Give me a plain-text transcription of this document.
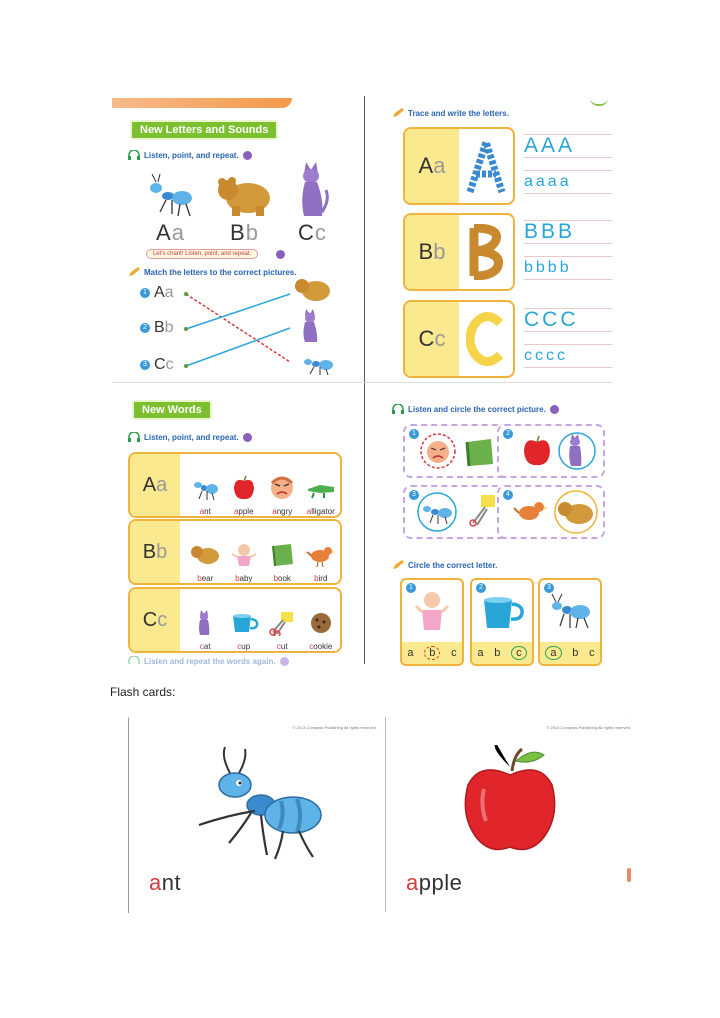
New Letters and Sounds
Listen, point, and repeat.
Aa Bb Cc
Let's chant! Listen, point, and repeat.
Match the letters to the correct pictures.
1 Aa
2 Bb
3 Cc
Trace and write the letters.
A a
AAA
aaaa
B b
BBB
bbbb
C c
CCC
cccc
New Words
Listen, point, and repeat.
A a
ant	apple angry alligator
B b
bear	baby	book	bird
C c
cat	cup	cut	cookie
Listen and repeat the words again.
Listen and circle the correct picture.
1	2
3	4
Circle the correct letter.
1
a	b	c
2
a b	c
3
a	b c
Flash cards:
© 2013 Compass Publishing All rights reserved.
ant
© 2013 Compass Publishing All rights reserved.
apple
